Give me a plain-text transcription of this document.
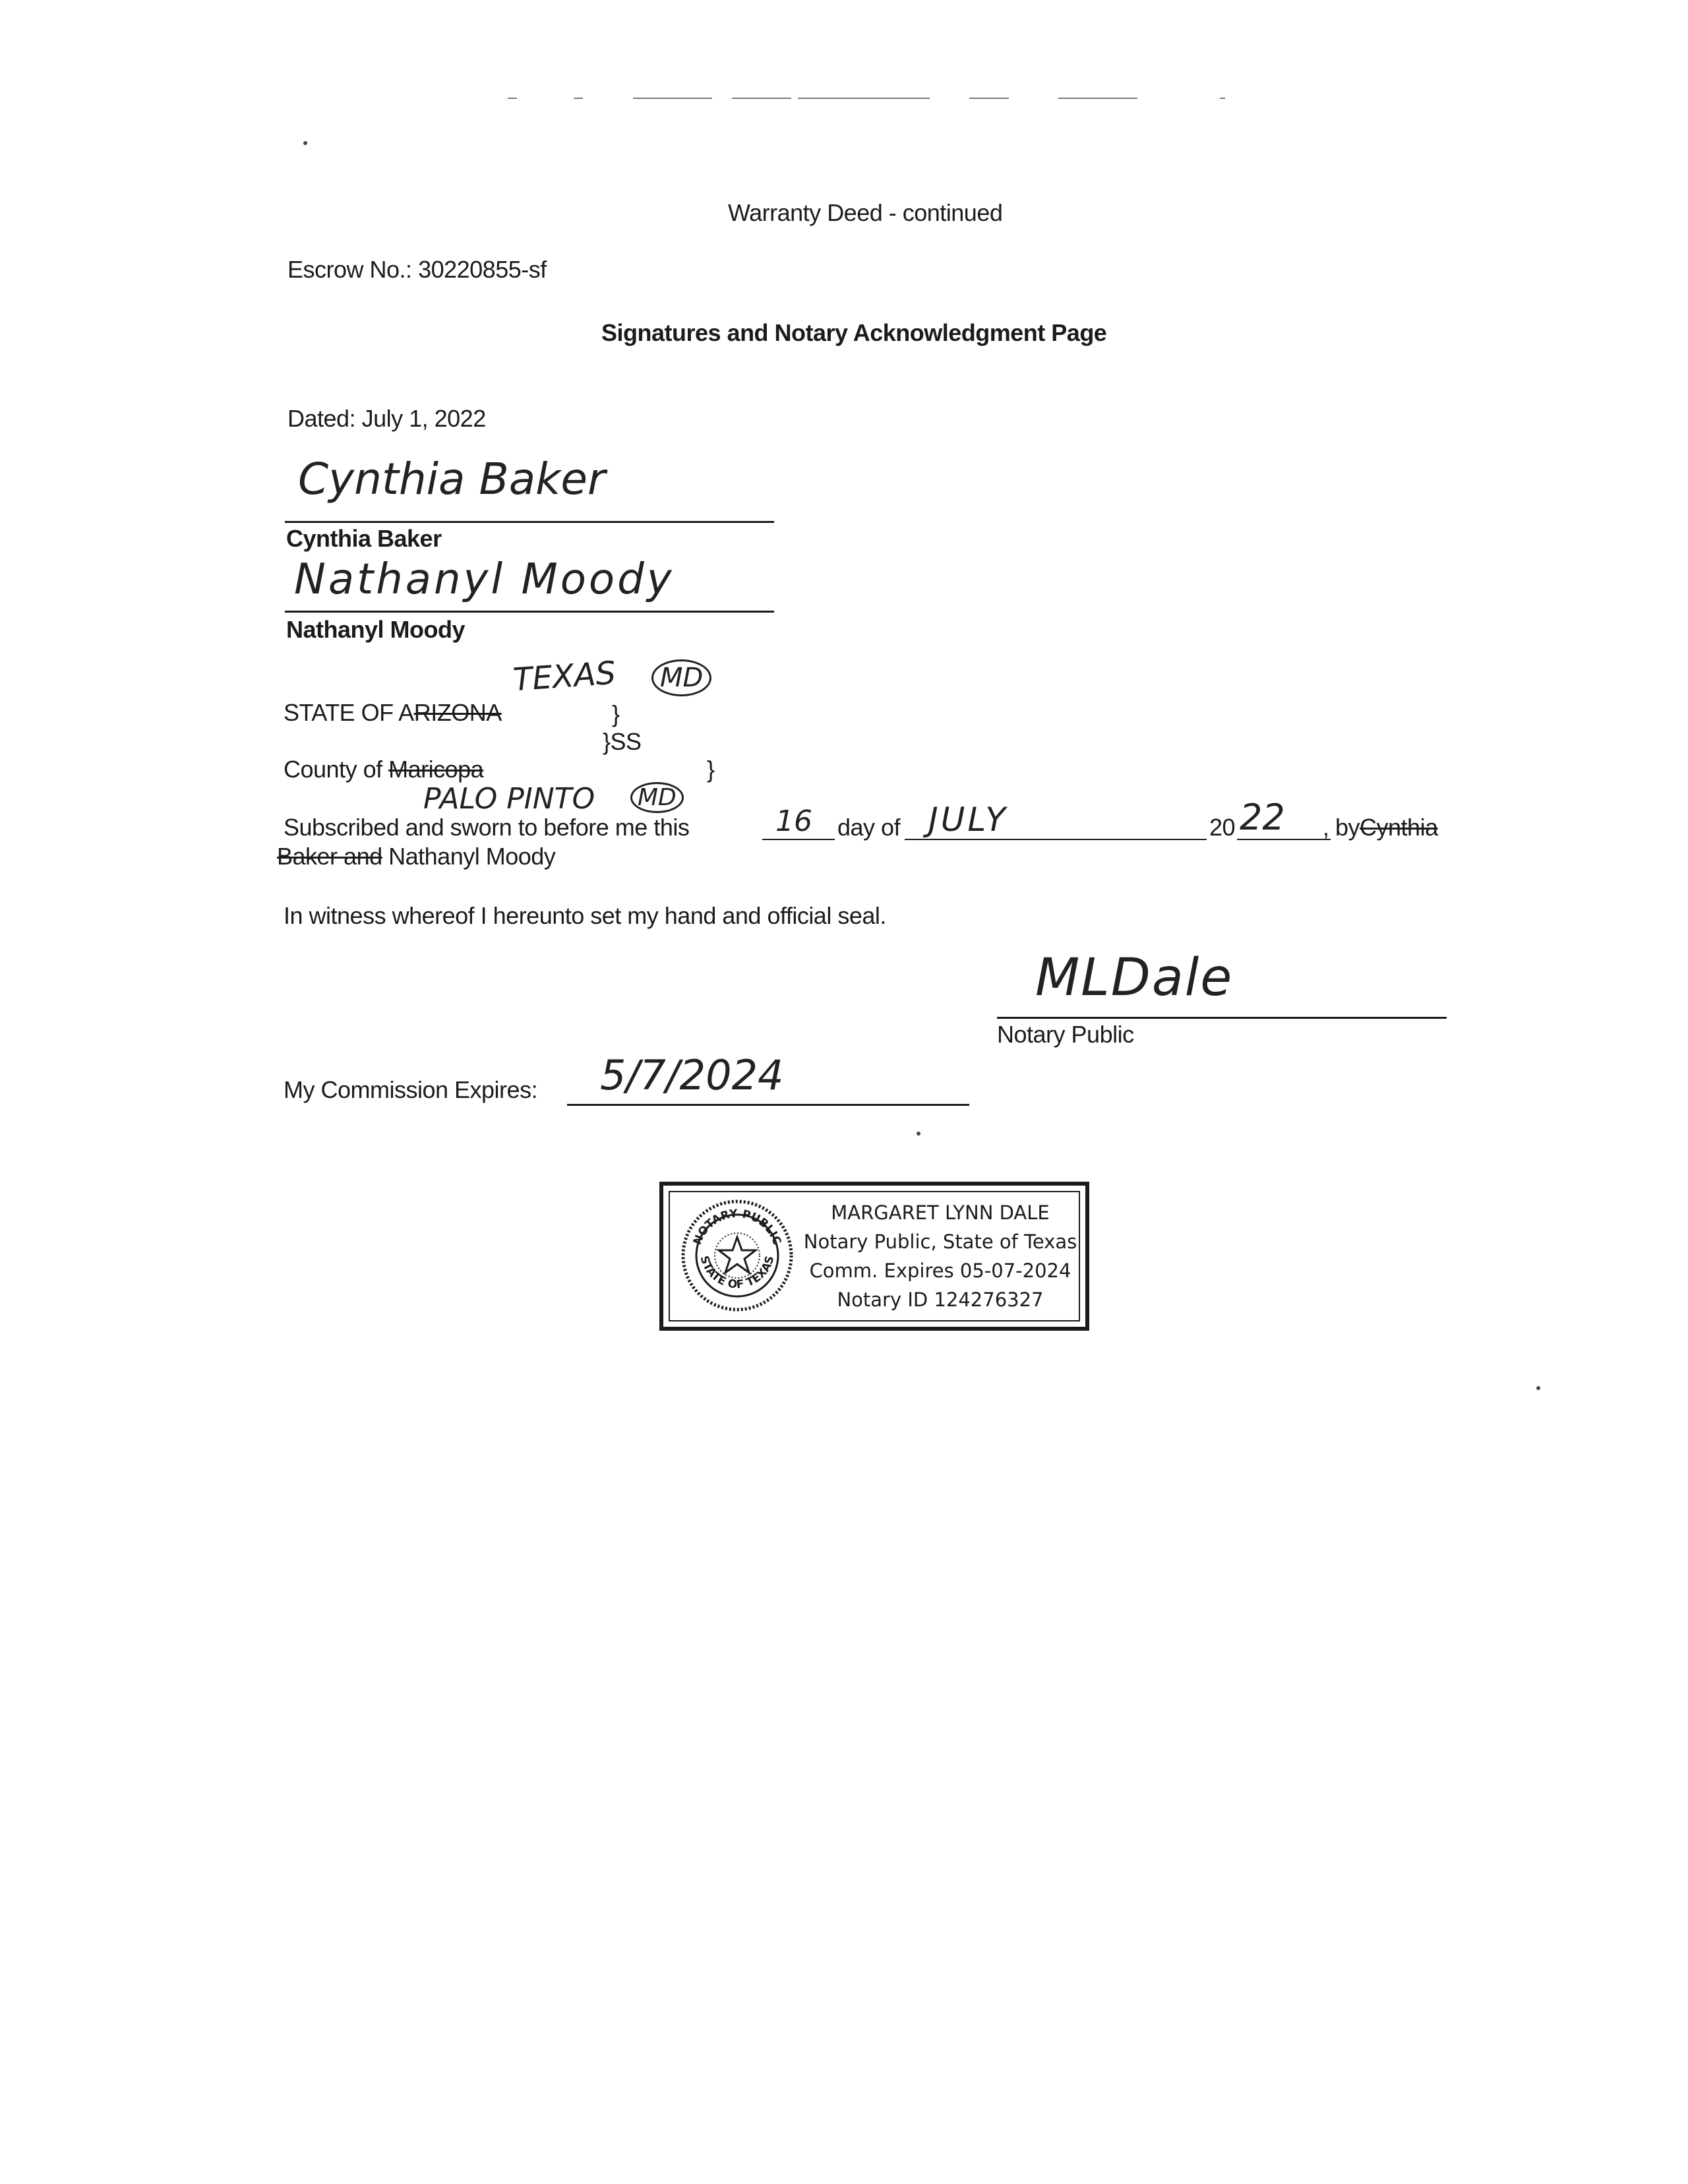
Warranty Deed - continued
Escrow No.: 30220855-sf
Signatures and Notary Acknowledgment Page
Dated: July 1, 2022
Cynthia Baker
Cynthia Baker
Nathanyl Moody
Nathanyl Moody
TEXAS	MD
STATE OF ARIZONA	}
}SS
County of Maricopa	}
PALO PINTO	MD
Subscribed and sworn to before me this	16 day of JULY	20 22 , byCynthia
Baker and Nathanyl Moody
In witness whereof I hereunto set my hand and official seal.
MLDale
Notary Public
My Commission Expires: 5/7/2024
NOTARY PUBLIC
STATE OF TEXAS
MARGARET LYNN DALE
Notary Public, State of Texas
Comm. Expires 05-07-2024
Notary ID 124276327
